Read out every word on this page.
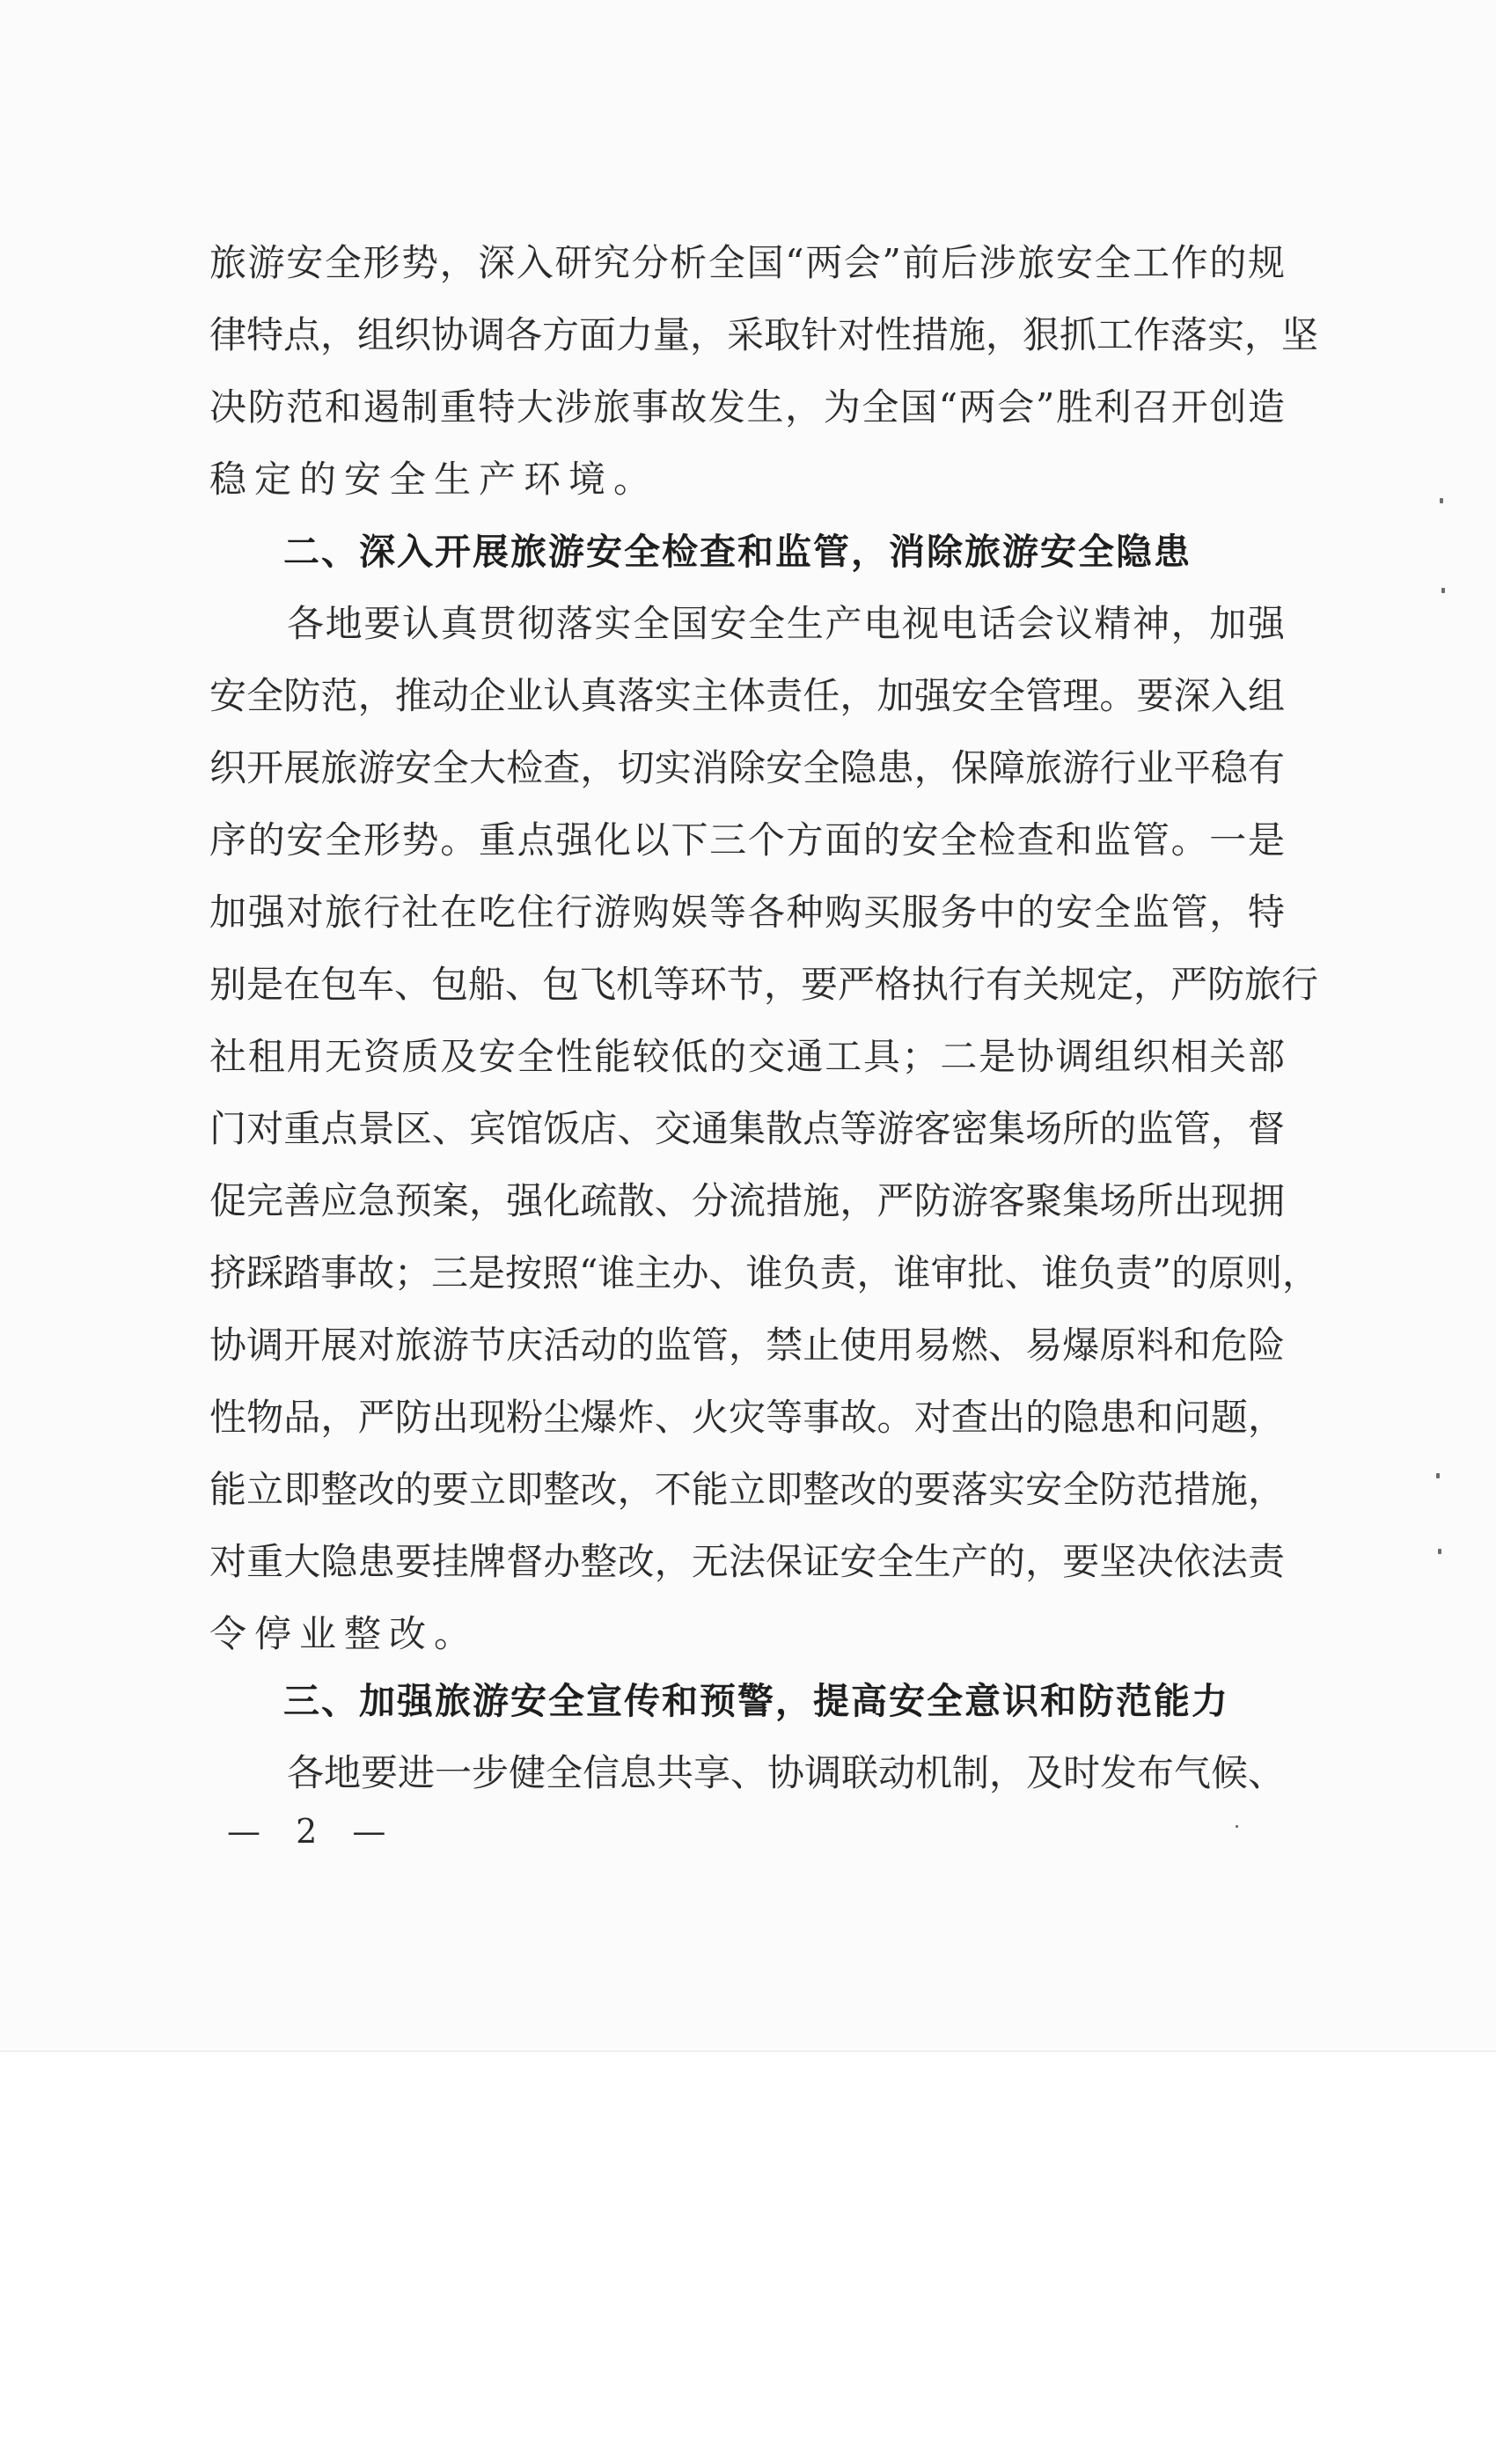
旅游安全形势，深入研究分析全国“两会”前后涉旅安全工作的规
律特点，组织协调各方面力量，采取针对性措施，狠抓工作落实，坚
决防范和遏制重特大涉旅事故发生，为全国“两会”胜利召开创造
稳定的安全生产环境。
二、深入开展旅游安全检查和监管，消除旅游安全隐患
各地要认真贯彻落实全国安全生产电视电话会议精神，加强
安全防范，推动企业认真落实主体责任，加强安全管理。要深入组
织开展旅游安全大检查，切实消除安全隐患，保障旅游行业平稳有
序的安全形势。重点强化以下三个方面的安全检查和监管。一是
加强对旅行社在吃住行游购娱等各种购买服务中的安全监管，特
别是在包车、包船、包飞机等环节，要严格执行有关规定，严防旅行
社租用无资质及安全性能较低的交通工具；二是协调组织相关部
门对重点景区、宾馆饭店、交通集散点等游客密集场所的监管，督
促完善应急预案，强化疏散、分流措施，严防游客聚集场所出现拥
挤踩踏事故；三是按照“谁主办、谁负责，谁审批、谁负责”的原则，
协调开展对旅游节庆活动的监管，禁止使用易燃、易爆原料和危险
性物品，严防出现粉尘爆炸、火灾等事故。对查出的隐患和问题，
能立即整改的要立即整改，不能立即整改的要落实安全防范措施，
对重大隐患要挂牌督办整改，无法保证安全生产的，要坚决依法责
令停业整改。
三、加强旅游安全宣传和预警，提高安全意识和防范能力
各地要进一步健全信息共享、协调联动机制，及时发布气候、
— 2 —
